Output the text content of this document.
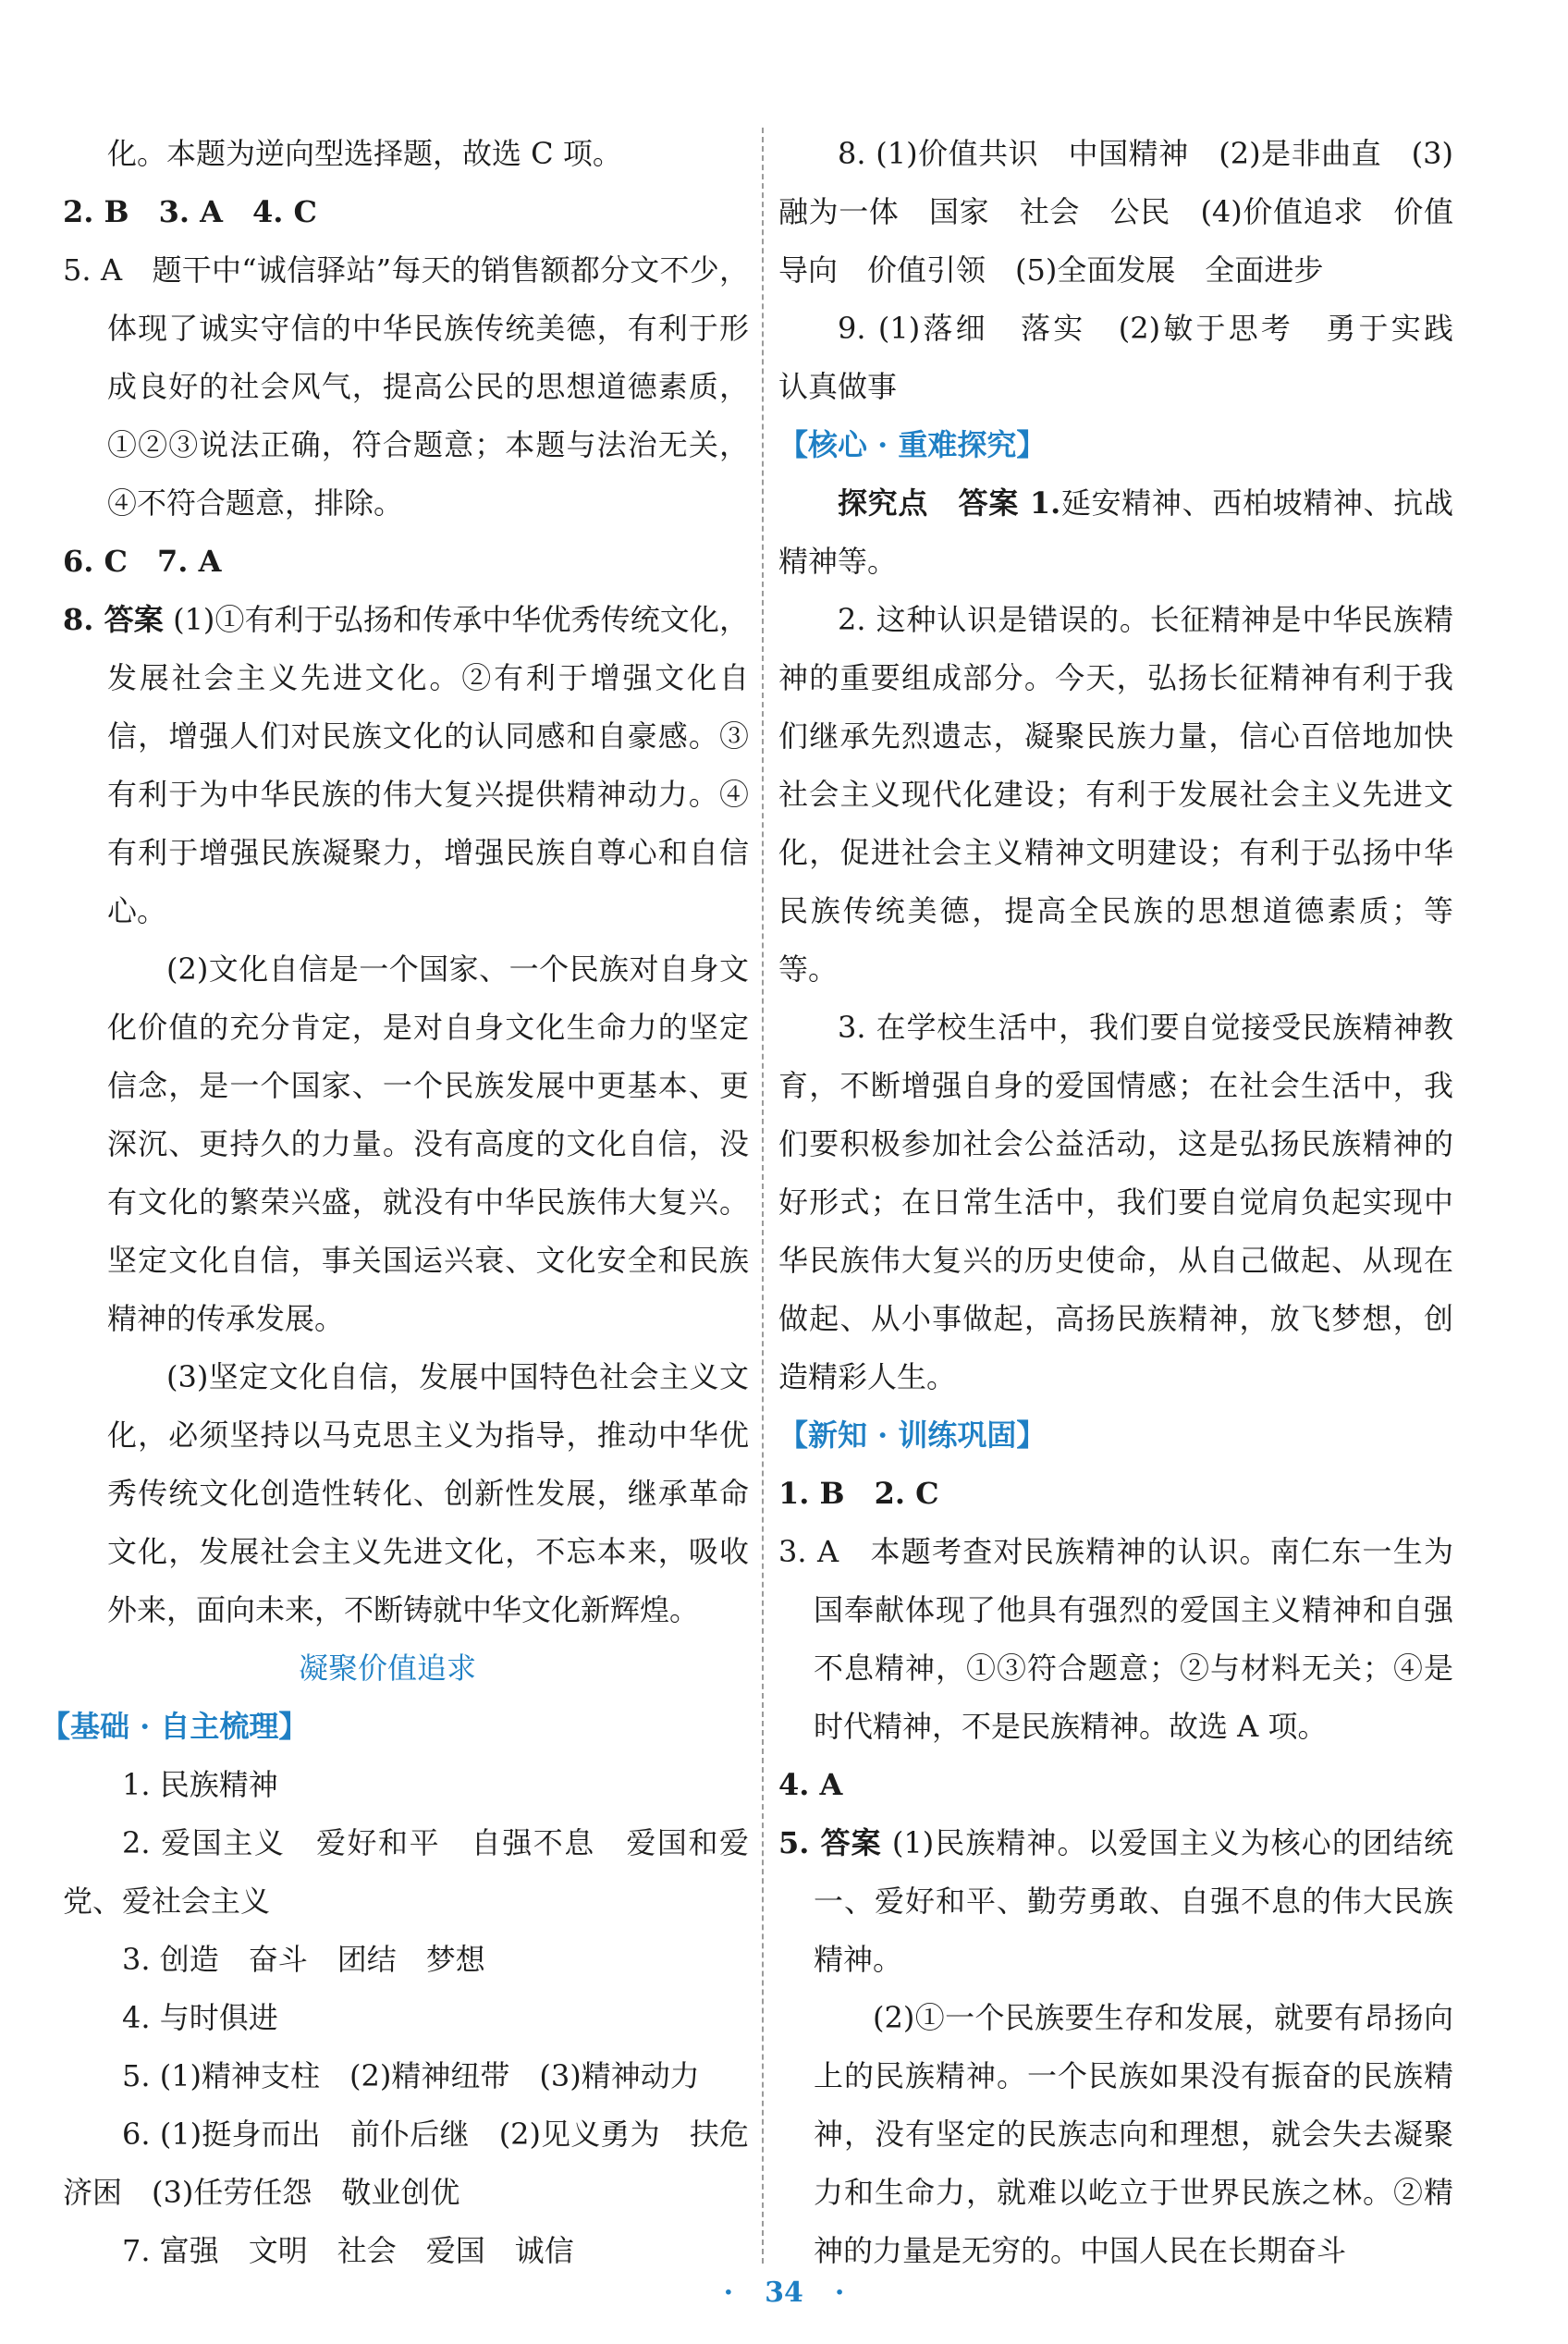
化。本题为逆向型选择题，故选 C 项。

2. B　3. A　4. C

5. A　题干中“诚信驿站”每天的销售额都分文不少，体现了诚实守信的中华民族传统美德，有利于形成良好的社会风气，提高公民的思想道德素质，①②③说法正确，符合题意；本题与法治无关，④不符合题意，排除。

6. C　7. A

8. 答案 (1)①有利于弘扬和传承中华优秀传统文化，发展社会主义先进文化。②有利于增强文化自信，增强人们对民族文化的认同感和自豪感。③有利于为中华民族的伟大复兴提供精神动力。④有利于增强民族凝聚力，增强民族自尊心和自信心。

(2)文化自信是一个国家、一个民族对自身文化价值的充分肯定，是对自身文化生命力的坚定信念，是一个国家、一个民族发展中更基本、更深沉、更持久的力量。没有高度的文化自信，没有文化的繁荣兴盛，就没有中华民族伟大复兴。坚定文化自信，事关国运兴衰、文化安全和民族精神的传承发展。

(3)坚定文化自信，发展中国特色社会主义文化，必须坚持以马克思主义为指导，推动中华优秀传统文化创造性转化、创新性发展，继承革命文化，发展社会主义先进文化，不忘本来，吸收外来，面向未来，不断铸就中华文化新辉煌。

凝聚价值追求

【基础 · 自主梳理】

1. 民族精神

2. 爱国主义　爱好和平　自强不息　爱国和爱党、爱社会主义

3. 创造　奋斗　团结　梦想

4. 与时俱进

5. (1)精神支柱　(2)精神纽带　(3)精神动力

6. (1)挺身而出　前仆后继　(2)见义勇为　扶危济困　(3)任劳任怨　敬业创优

7. 富强　文明　社会　爱国　诚信

8. (1)价值共识　中国精神　(2)是非曲直　(3)融为一体　国家　社会　公民　(4)价值追求　价值导向　价值引领　(5)全面发展　全面进步

9. (1)落细　落实　(2)敏于思考　勇于实践　认真做事

【核心 · 重难探究】

探究点　答案 1.延安精神、西柏坡精神、抗战精神等。

2. 这种认识是错误的。长征精神是中华民族精神的重要组成部分。今天，弘扬长征精神有利于我们继承先烈遗志，凝聚民族力量，信心百倍地加快社会主义现代化建设；有利于发展社会主义先进文化，促进社会主义精神文明建设；有利于弘扬中华民族传统美德，提高全民族的思想道德素质；等等。

3. 在学校生活中，我们要自觉接受民族精神教育，不断增强自身的爱国情感；在社会生活中，我们要积极参加社会公益活动，这是弘扬民族精神的好形式；在日常生活中，我们要自觉肩负起实现中华民族伟大复兴的历史使命，从自己做起、从现在做起、从小事做起，高扬民族精神，放飞梦想，创造精彩人生。

【新知 · 训练巩固】

1. B　2. C

3. A　本题考查对民族精神的认识。南仁东一生为国奉献体现了他具有强烈的爱国主义精神和自强不息精神，①③符合题意；②与材料无关；④是时代精神，不是民族精神。故选 A 项。

4. A

5. 答案 (1)民族精神。以爱国主义为核心的团结统一、爱好和平、勤劳勇敢、自强不息的伟大民族精神。

(2)①一个民族要生存和发展，就要有昂扬向上的民族精神。一个民族如果没有振奋的民族精神，没有坚定的民族志向和理想，就会失去凝聚力和生命力，就难以屹立于世界民族之林。②精神的力量是无穷的。中国人民在长期奋斗

· 34 ·
